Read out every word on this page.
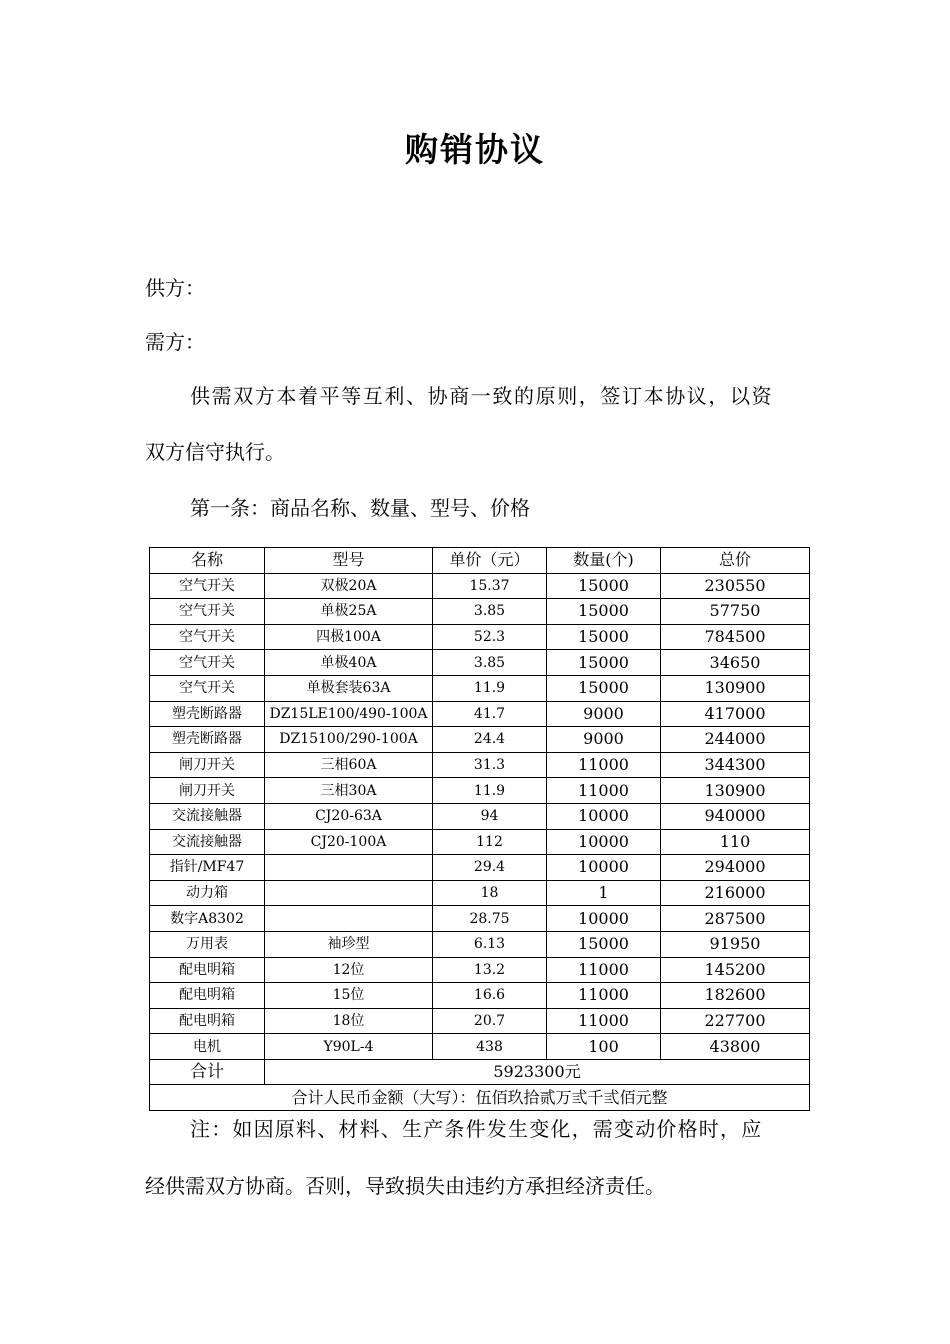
购销协议
供方：
需方：
供需双方本着平等互利、协商一致的原则，签订本协议，以资
双方信守执行。
第一条：商品名称、数量、型号、价格
名称	型号	单价（元）	数量(个)	总价
空气开关	双极20A	15.37	15000	230550
空气开关	单极25A	3.85	15000	57750
空气开关	四极100A	52.3	15000	784500
空气开关	单极40A	3.85	15000	34650
空气开关	单极套装63A	11.9	15000	130900
塑壳断路器	DZ15LE100/490-100A	41.7	9000	417000
塑壳断路器	DZ15100/290-100A	24.4	9000	244000
闸刀开关	三相60A	31.3	11000	344300
闸刀开关	三相30A	11.9	11000	130900
交流接触器	CJ20-63A	94	10000	940000
交流接触器	CJ20-100A	112	10000	110
指针/MF47		29.4	10000	294000
动力箱		18	1	216000
数字A8302		28.75	10000	287500
万用表	袖珍型	6.13	15000	91950
配电明箱	12位	13.2	11000	145200
配电明箱	15位	16.6	11000	182600
配电明箱	18位	20.7	11000	227700
电机	Y90L-4	438	100	43800
合计	5923300元			
合计人民币金额（大写）：伍佰玖拾贰万弎千弎佰元整				
注：如因原料、材料、生产条件发生变化，需变动价格时，应
经供需双方协商。否则，导致损失由违约方承担经济责任。
